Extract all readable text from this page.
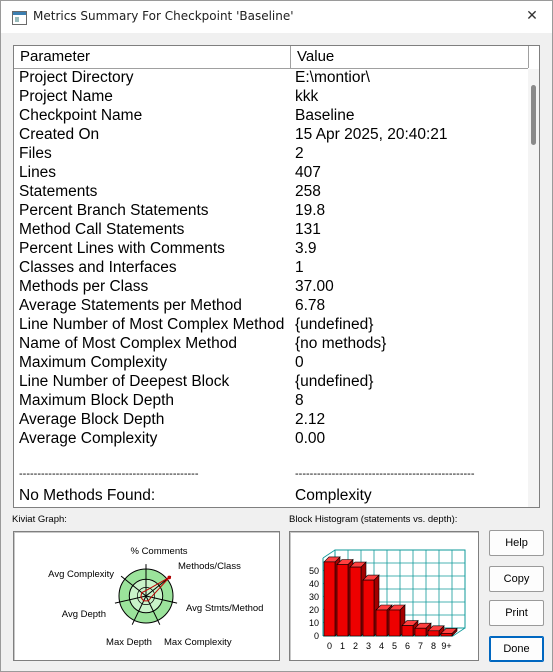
Metrics Summary For Checkpoint 'Baseline'	✕
Parameter	Value
Project Directory	E:\montior\
Project Name	kkk
Checkpoint Name	Baseline
Created On	15 Apr 2025, 20:40:21
Files	2
Lines	407
Statements	258
Percent Branch Statements	19.8
Method Call Statements	131
Percent Lines with Comments	3.9
Classes and Interfaces	1
Methods per Class	37.00
Average Statements per Method	6.78
Line Number of Most Complex Method {undefined}
Name of Most Complex Method	{no methods}
Maximum Complexity	0
Line Number of Deepest Block	{undefined}
Maximum Block Depth	8
Average Block Depth	2.12
Average Complexity	0.00
-------------------------------------------------	-------------------------------------------------
No Methods Found:	Complexity
Kiviat Graph:	Block Histogram (statements vs. depth):
% Comments
Methods/Class
Avg Stmts/Method
Max Complexity
Max Depth
Avg Depth
Avg Complexity
0
10
20
30
40
50
0 1 2 3 4 5 6 7 8 9+
Help
Copy
Print
Done
